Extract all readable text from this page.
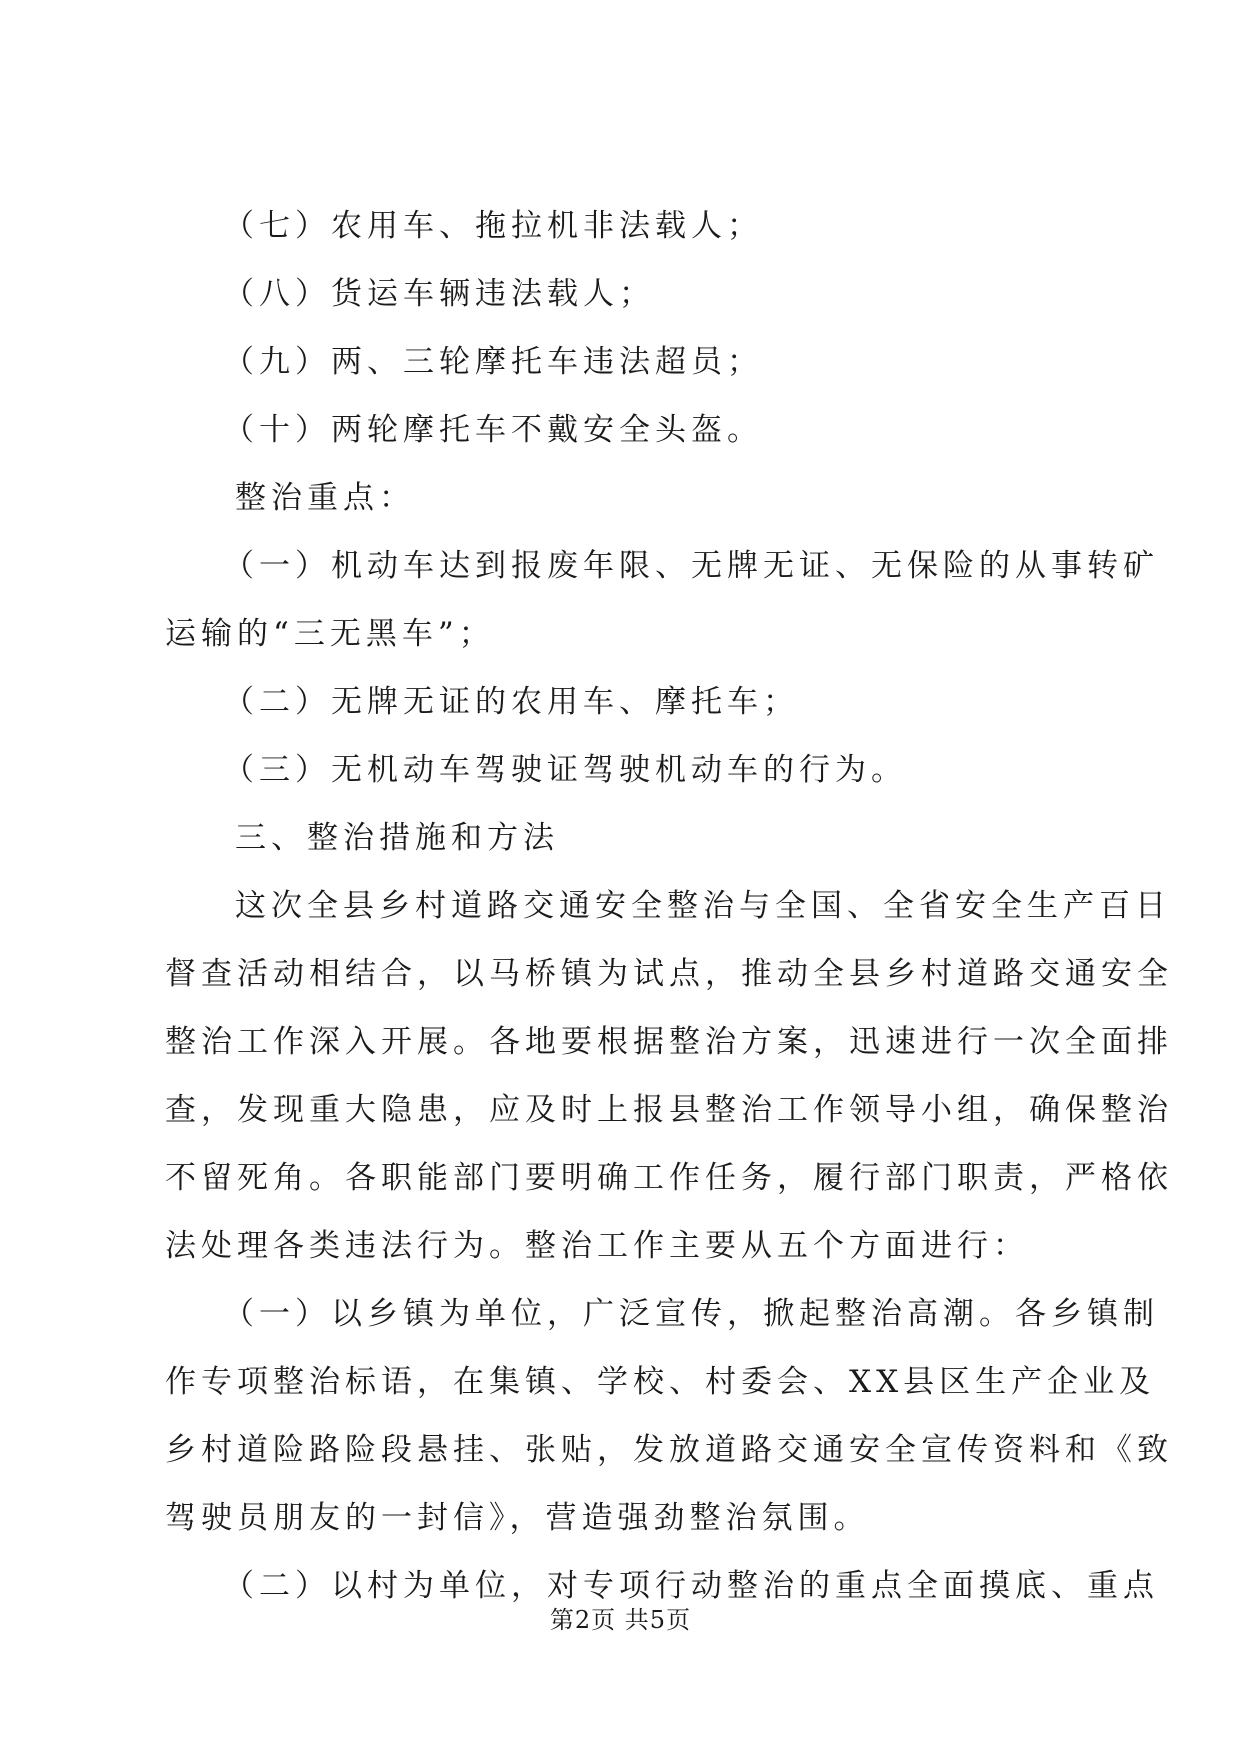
（七）农用车、拖拉机非法载人；
（八）货运车辆违法载人；
（九）两、三轮摩托车违法超员；
（十）两轮摩托车不戴安全头盔。
整治重点：
（一）机动车达到报废年限、无牌无证、无保险的从事转矿
运输的“三无黑车”；
（二）无牌无证的农用车、摩托车；
（三）无机动车驾驶证驾驶机动车的行为。
三、整治措施和方法
这次全县乡村道路交通安全整治与全国、全省安全生产百日
督查活动相结合，以马桥镇为试点，推动全县乡村道路交通安全
整治工作深入开展。各地要根据整治方案，迅速进行一次全面排
查，发现重大隐患，应及时上报县整治工作领导小组，确保整治
不留死角。各职能部门要明确工作任务，履行部门职责，严格依
法处理各类违法行为。整治工作主要从五个方面进行：
（一）以乡镇为单位，广泛宣传，掀起整治高潮。各乡镇制
作专项整治标语，在集镇、学校、村委会、XX县区生产企业及
乡村道险路险段悬挂、张贴，发放道路交通安全宣传资料和《致
驾驶员朋友的一封信》，营造强劲整治氛围。
（二）以村为单位，对专项行动整治的重点全面摸底、重点
第2页 共5页
